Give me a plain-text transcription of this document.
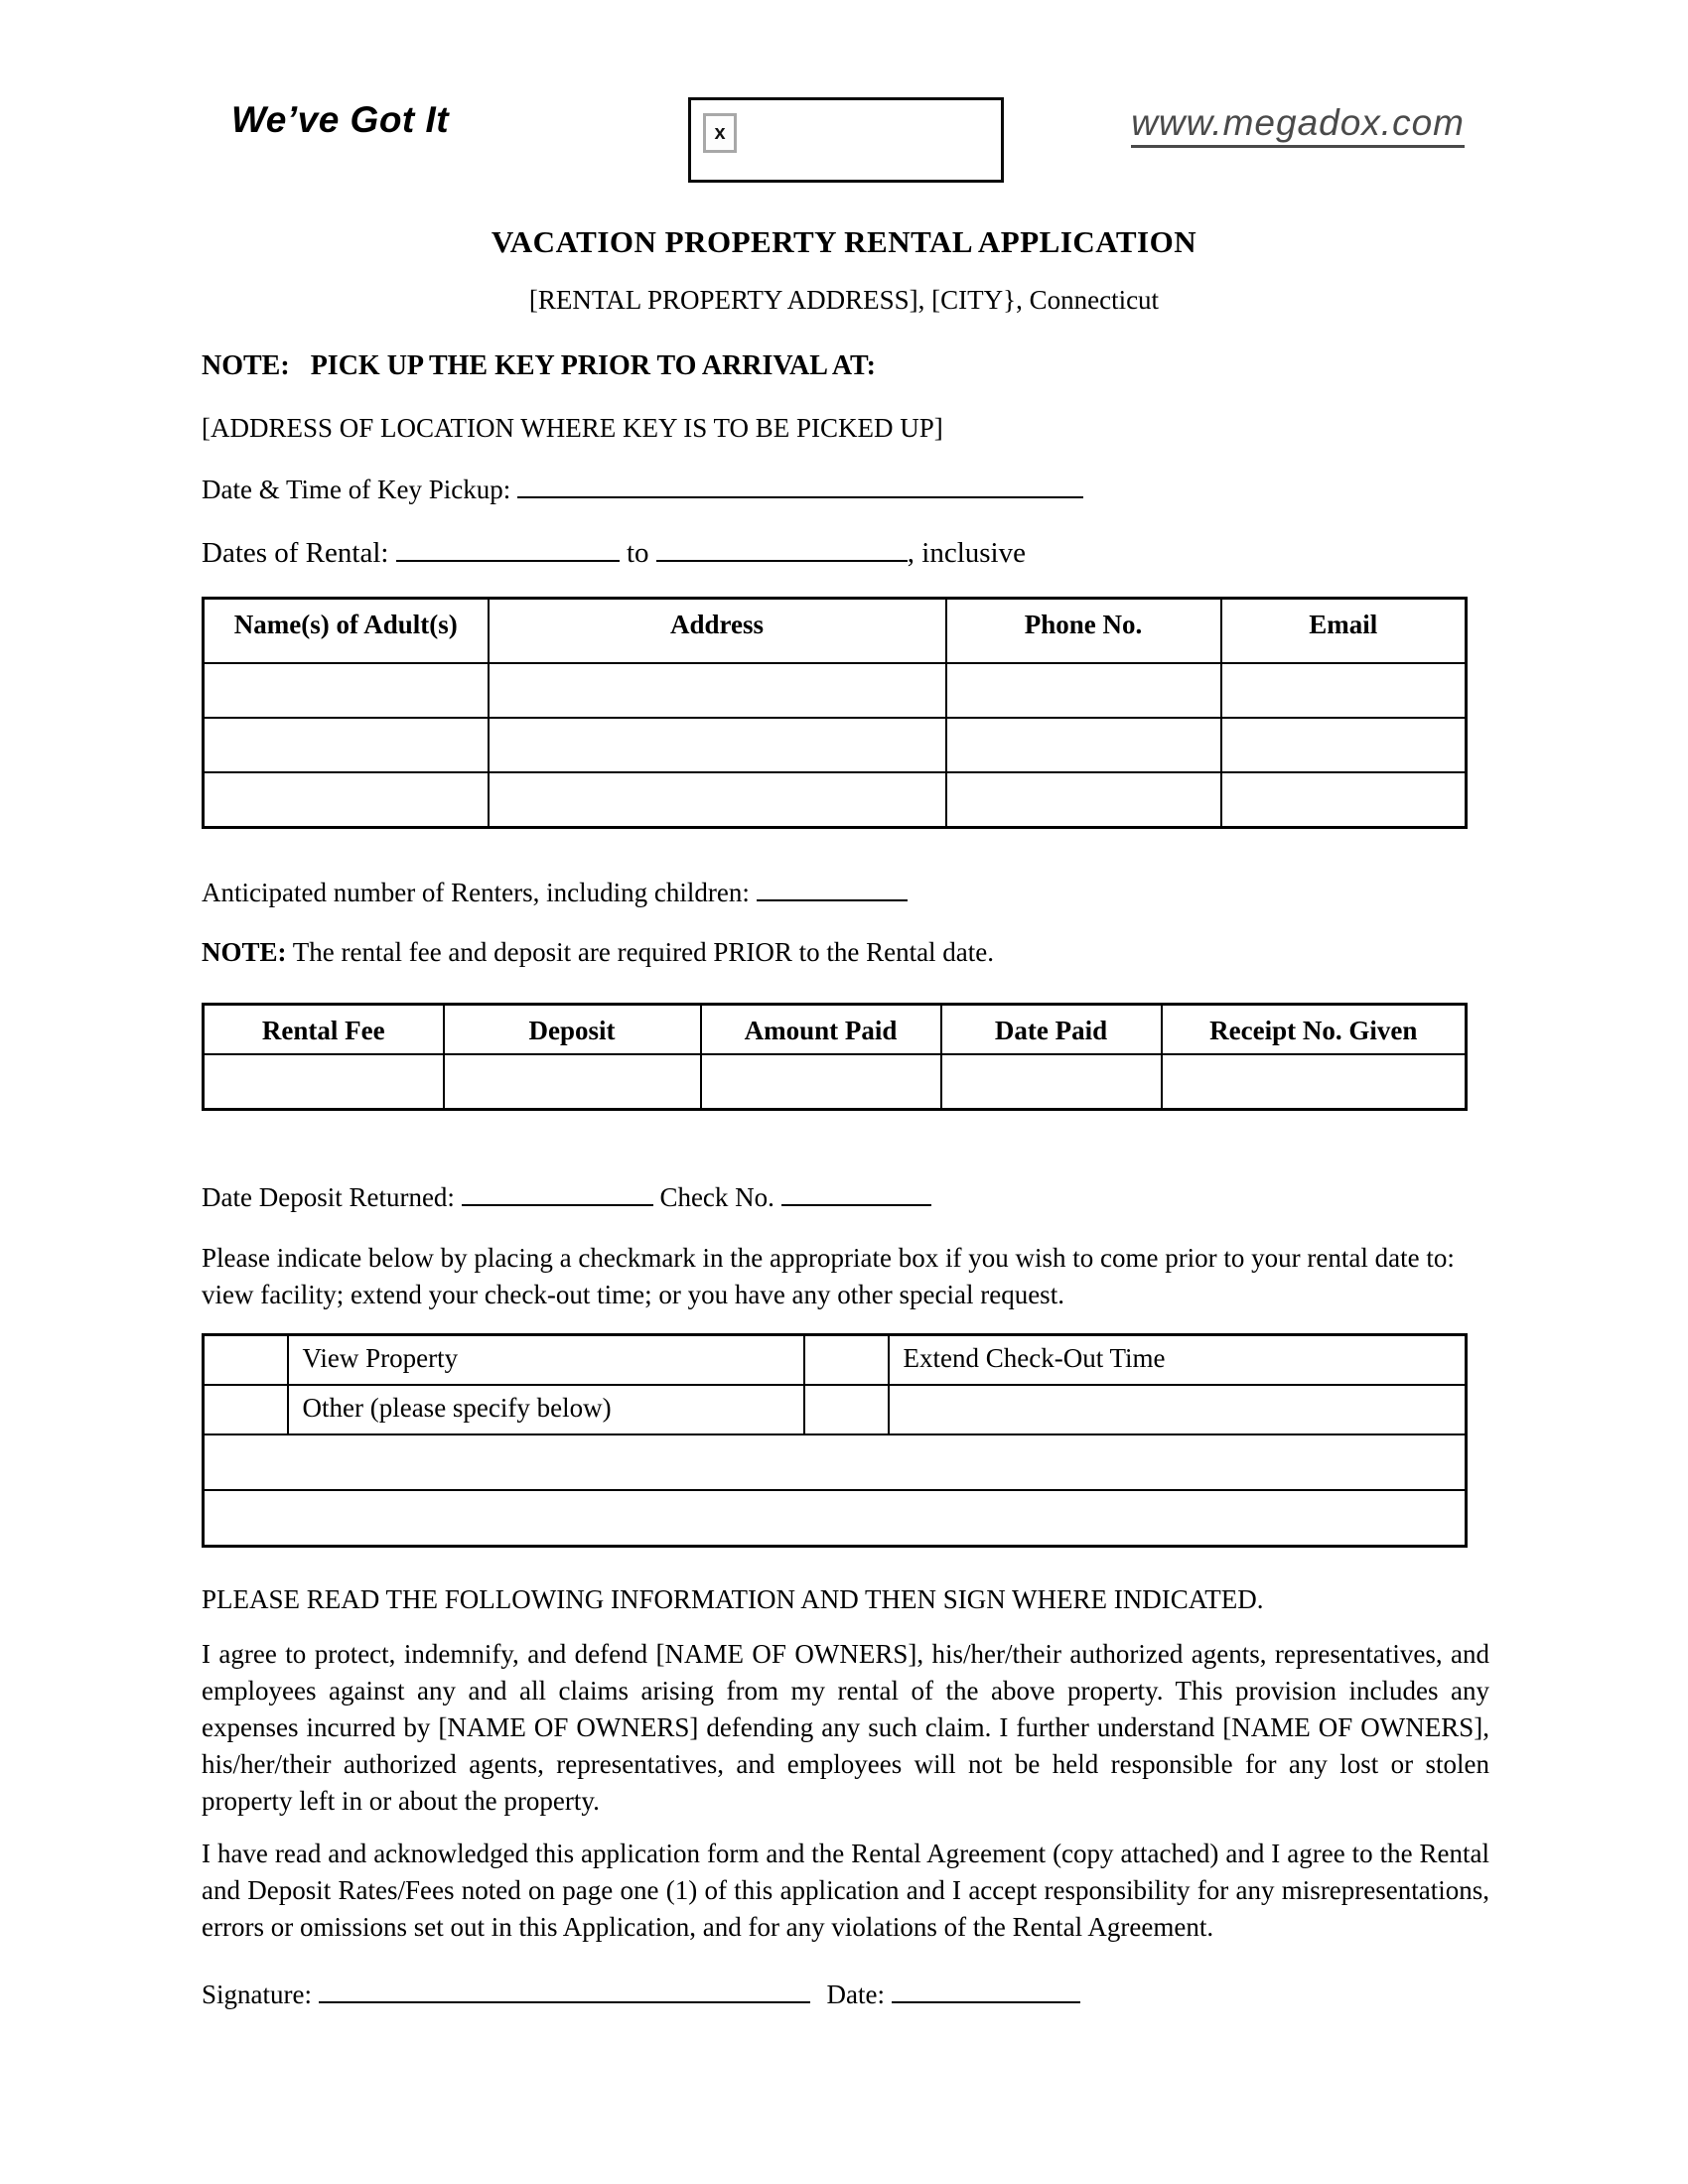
We’ve Got It	x	www.megadox.com
VACATION PROPERTY RENTAL APPLICATION
[RENTAL PROPERTY ADDRESS], [CITY}, Connecticut
NOTE: PICK UP THE KEY PRIOR TO ARRIVAL AT:
[ADDRESS OF LOCATION WHERE KEY IS TO BE PICKED UP]
Date & Time of Key Pickup:
Dates of Rental:	to	, inclusive
Name(s) of Adult(s)	Address	Phone No.	Email

Anticipated number of Renters, including children:
NOTE: The rental fee and deposit are required PRIOR to the Rental date.
Rental Fee	Deposit	Amount Paid	Date Paid	Receipt No. Given

Date Deposit Returned:	Check No.
Please indicate below by placing a checkmark in the appropriate box if you wish to come prior to your rental date to: view facility; extend your check-out time; or you have any other special request.
	View Property		Extend Check-Out Time
	Other (please specify below)		

PLEASE READ THE FOLLOWING INFORMATION AND THEN SIGN WHERE INDICATED.
I agree to protect, indemnify, and defend [NAME OF OWNERS], his/her/their authorized agents, representatives, and employees against any and all claims arising from my rental of the above property. This provision includes any expenses incurred by [NAME OF OWNERS] defending any such claim. I further understand [NAME OF OWNERS], his/her/their authorized agents, representatives, and employees will not be held responsible for any lost or stolen property left in or about the property.
I have read and acknowledged this application form and the Rental Agreement (copy attached) and I agree to the Rental and Deposit Rates/Fees noted on page one (1) of this application and I accept responsibility for any misrepresentations, errors or omissions set out in this Application, and for any violations of the Rental Agreement.
Signature:	Date:
